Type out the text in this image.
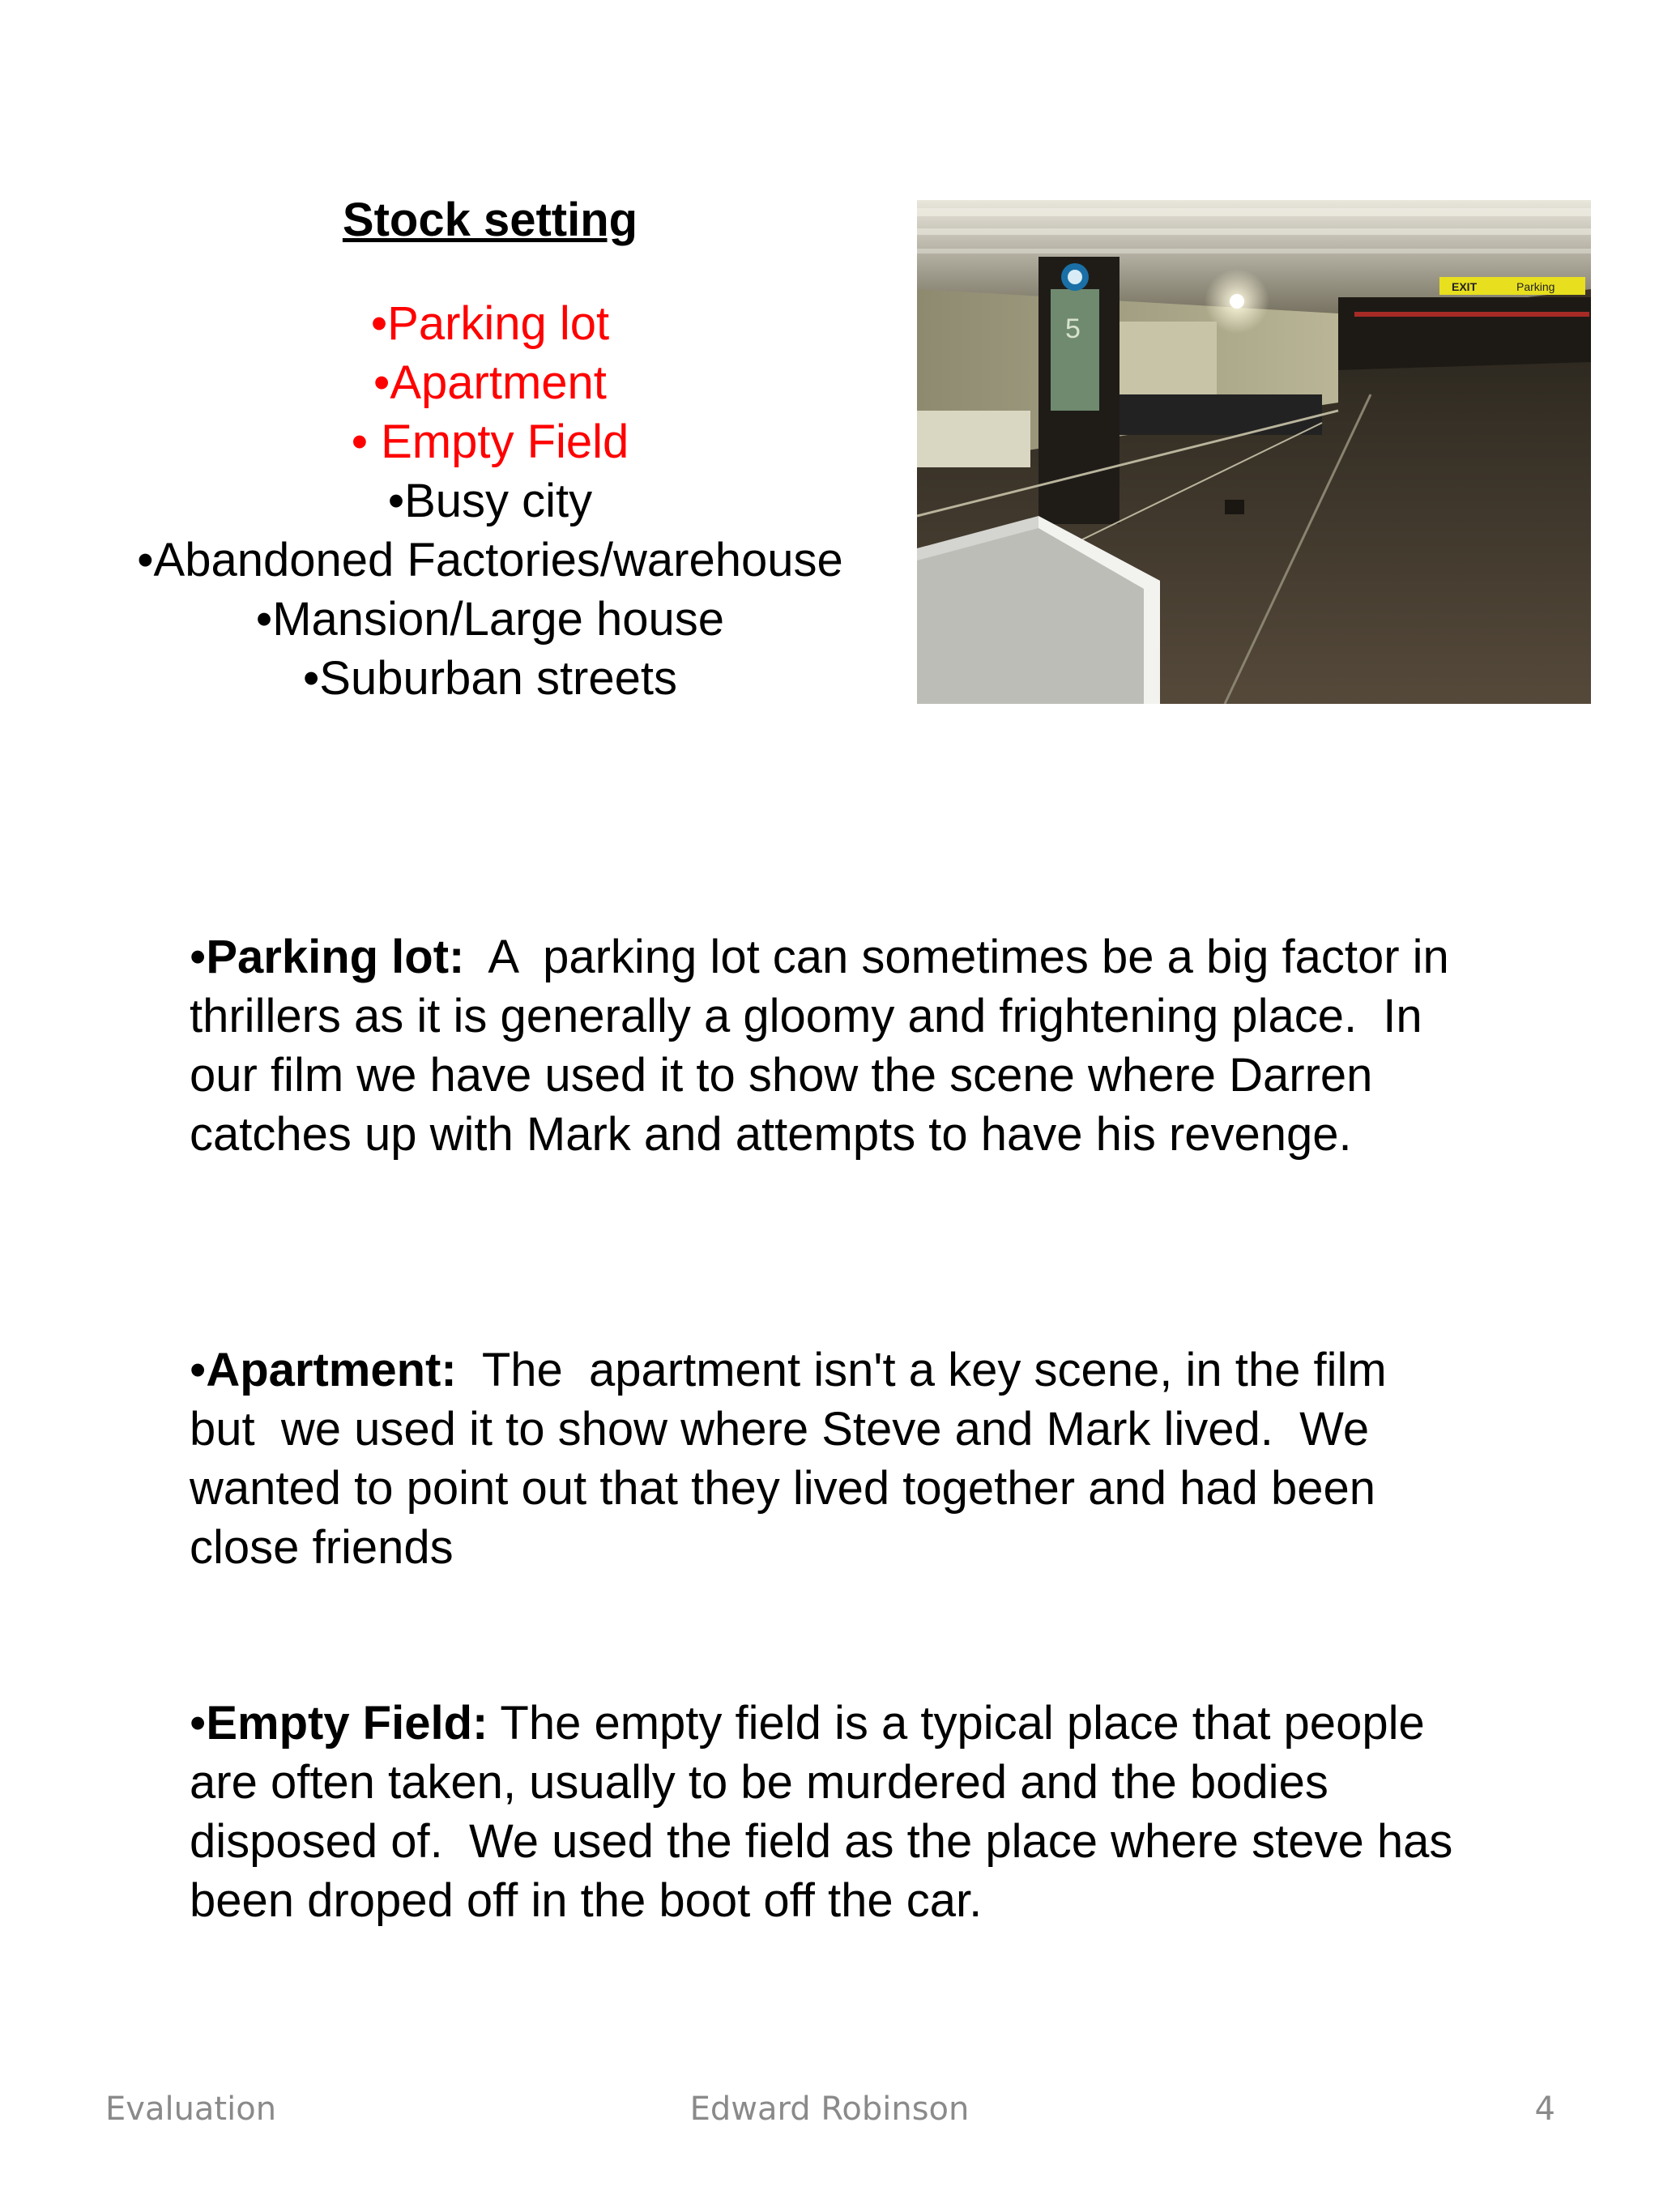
Stock setting
•Parking lot
•Apartment
• Empty Field
•Busy city
•Abandoned Factories/warehouse
•Mansion/Large house
•Suburban streets
5
EXIT	Parking

•Parking lot:  A  parking lot can sometimes be a big factor in thrillers as it is generally a gloomy and frightening place.  In our film we have used it to show the scene where Darren catches up with Mark and attempts to have his revenge.

•Apartment:  The  apartment isn't a key scene, in the film  but  we used it to show where Steve and Mark lived.  We wanted to point out that they lived together and had been close friends

•Empty Field: The empty field is a typical place that people are often taken, usually to be murdered and the bodies disposed of.  We used the field as the place where steve has been droped off in the boot off the car.

Evaluation	Edward Robinson	4
